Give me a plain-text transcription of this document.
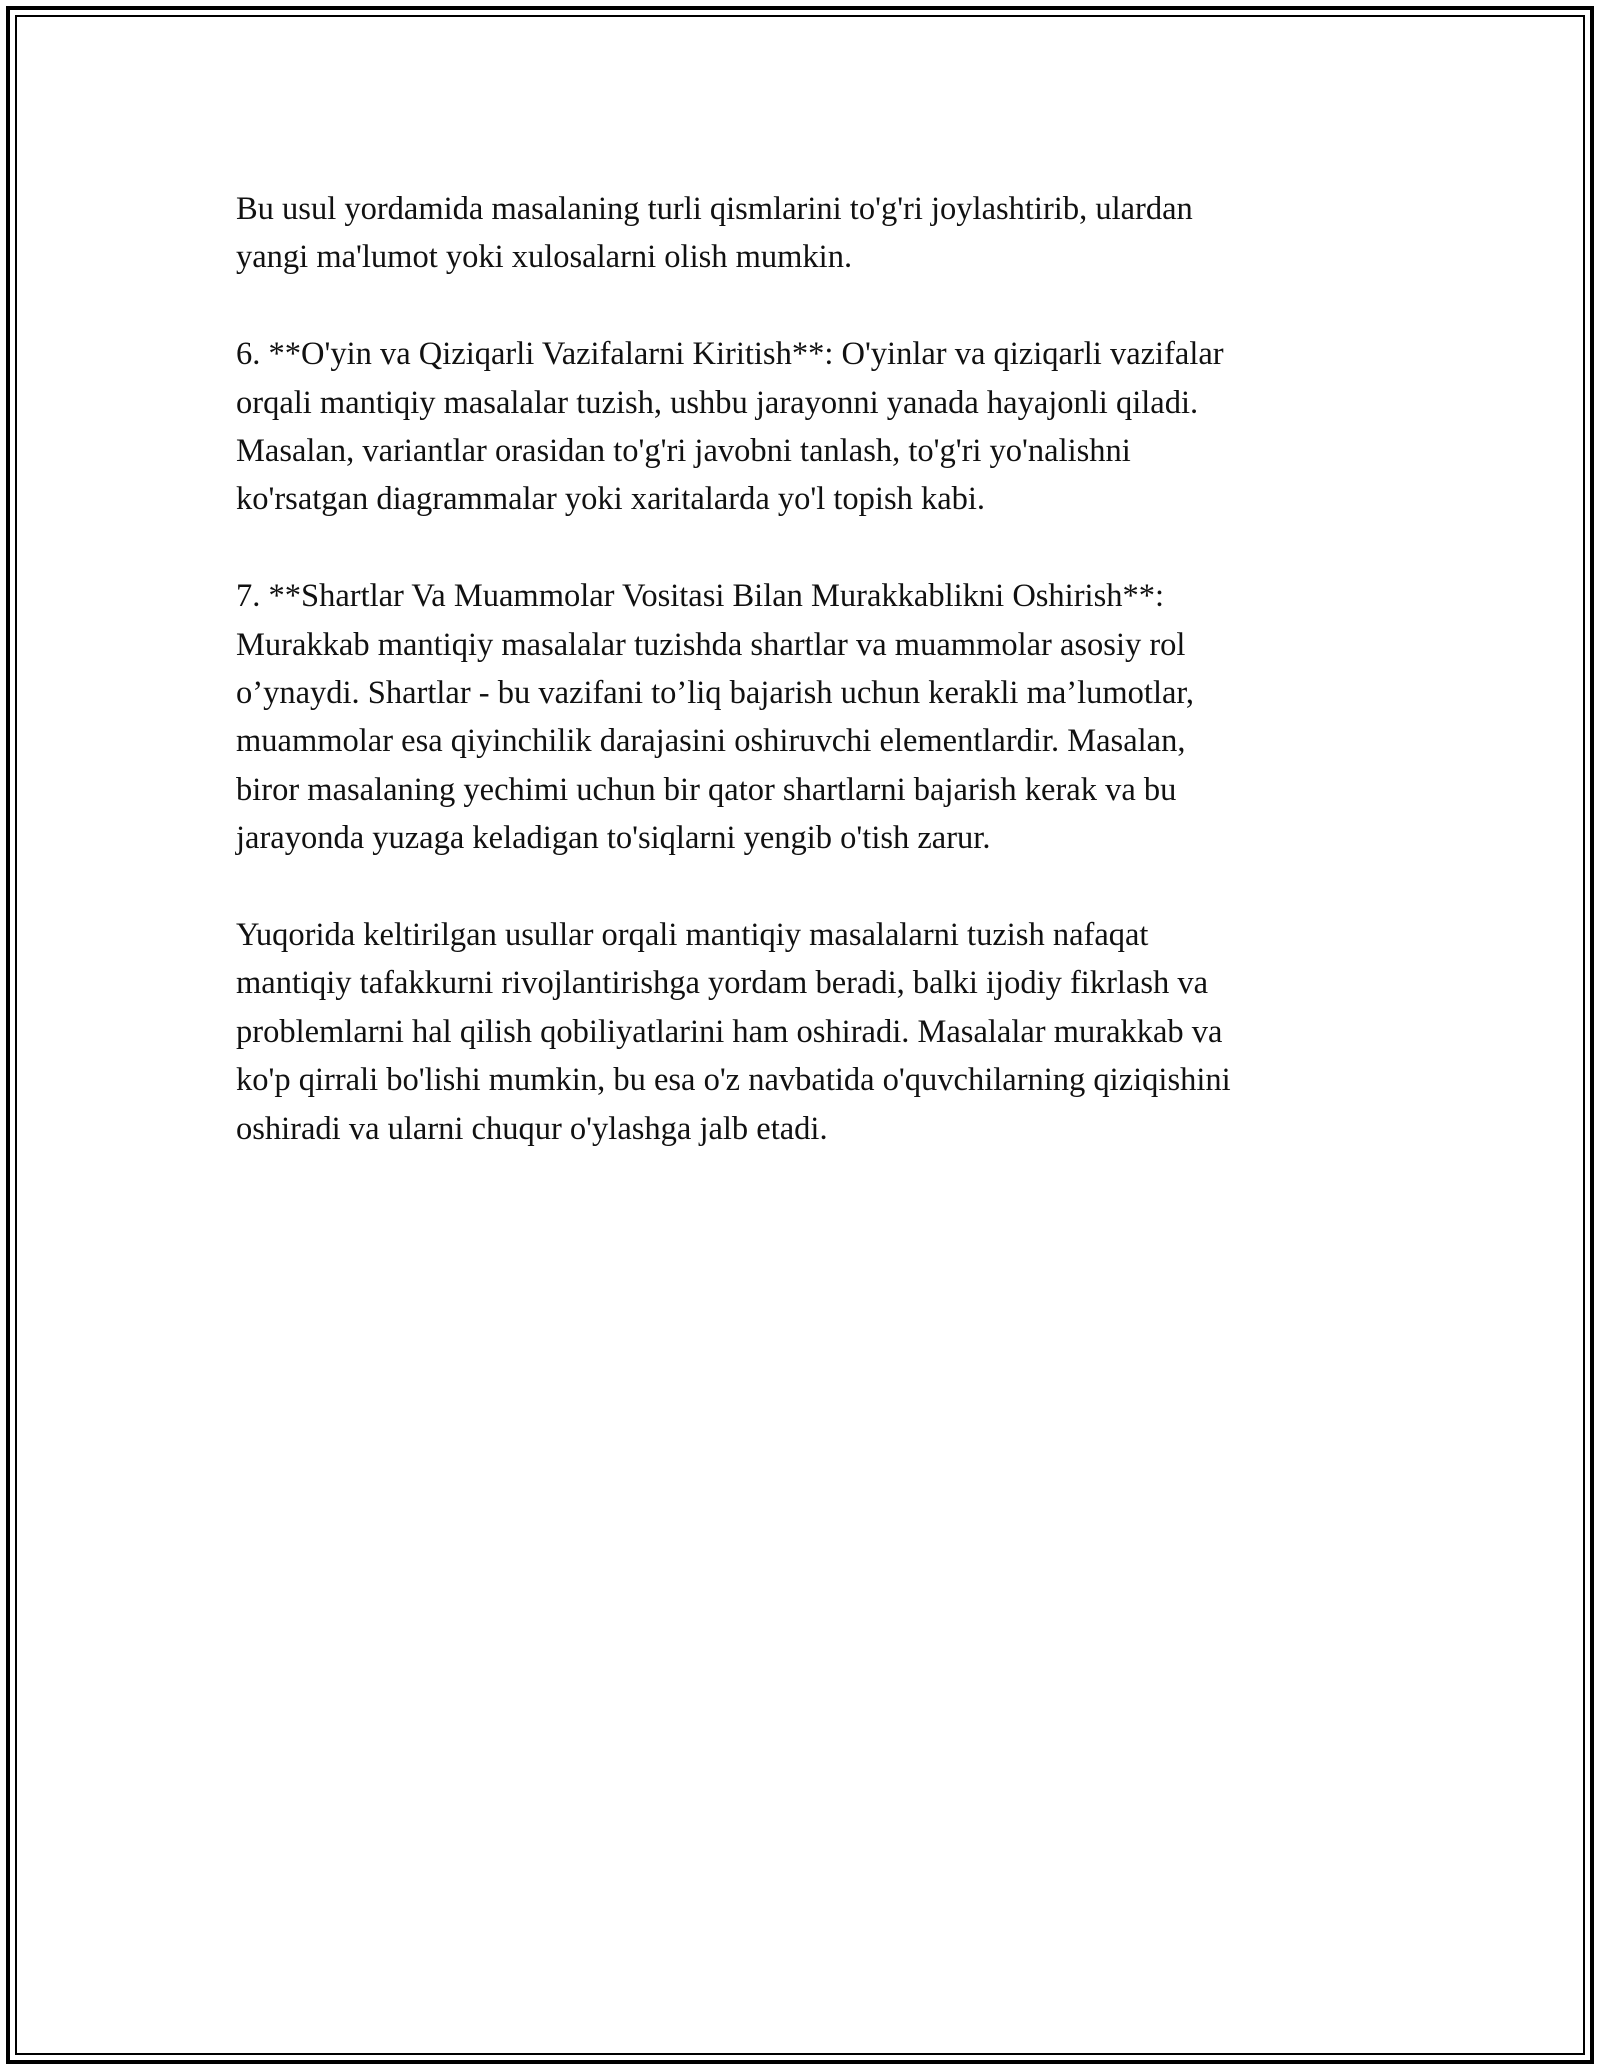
Bu usul yordamida masalaning turli qismlarini to'g'ri joylashtirib, ulardan
yangi ma'lumot yoki xulosalarni olish mumkin.

6. **O'yin va Qiziqarli Vazifalarni Kiritish**: O'yinlar va qiziqarli vazifalar
orqali mantiqiy masalalar tuzish, ushbu jarayonni yanada hayajonli qiladi.
Masalan, variantlar orasidan to'g'ri javobni tanlash, to'g'ri yo'nalishni
ko'rsatgan diagrammalar yoki xaritalarda yo'l topish kabi.

7. **Shartlar Va Muammolar Vositasi Bilan Murakkablikni Oshirish**:
Murakkab mantiqiy masalalar tuzishda shartlar va muammolar asosiy rol
o’ynaydi. Shartlar - bu vazifani to’liq bajarish uchun kerakli ma’lumotlar,
muammolar esa qiyinchilik darajasini oshiruvchi elementlardir. Masalan,
biror masalaning yechimi uchun bir qator shartlarni bajarish kerak va bu
jarayonda yuzaga keladigan to'siqlarni yengib o'tish zarur.

Yuqorida keltirilgan usullar orqali mantiqiy masalalarni tuzish nafaqat
mantiqiy tafakkurni rivojlantirishga yordam beradi, balki ijodiy fikrlash va
problemlarni hal qilish qobiliyatlarini ham oshiradi. Masalalar murakkab va
ko'p qirrali bo'lishi mumkin, bu esa o'z navbatida o'quvchilarning qiziqishini
oshiradi va ularni chuqur o'ylashga jalb etadi.
